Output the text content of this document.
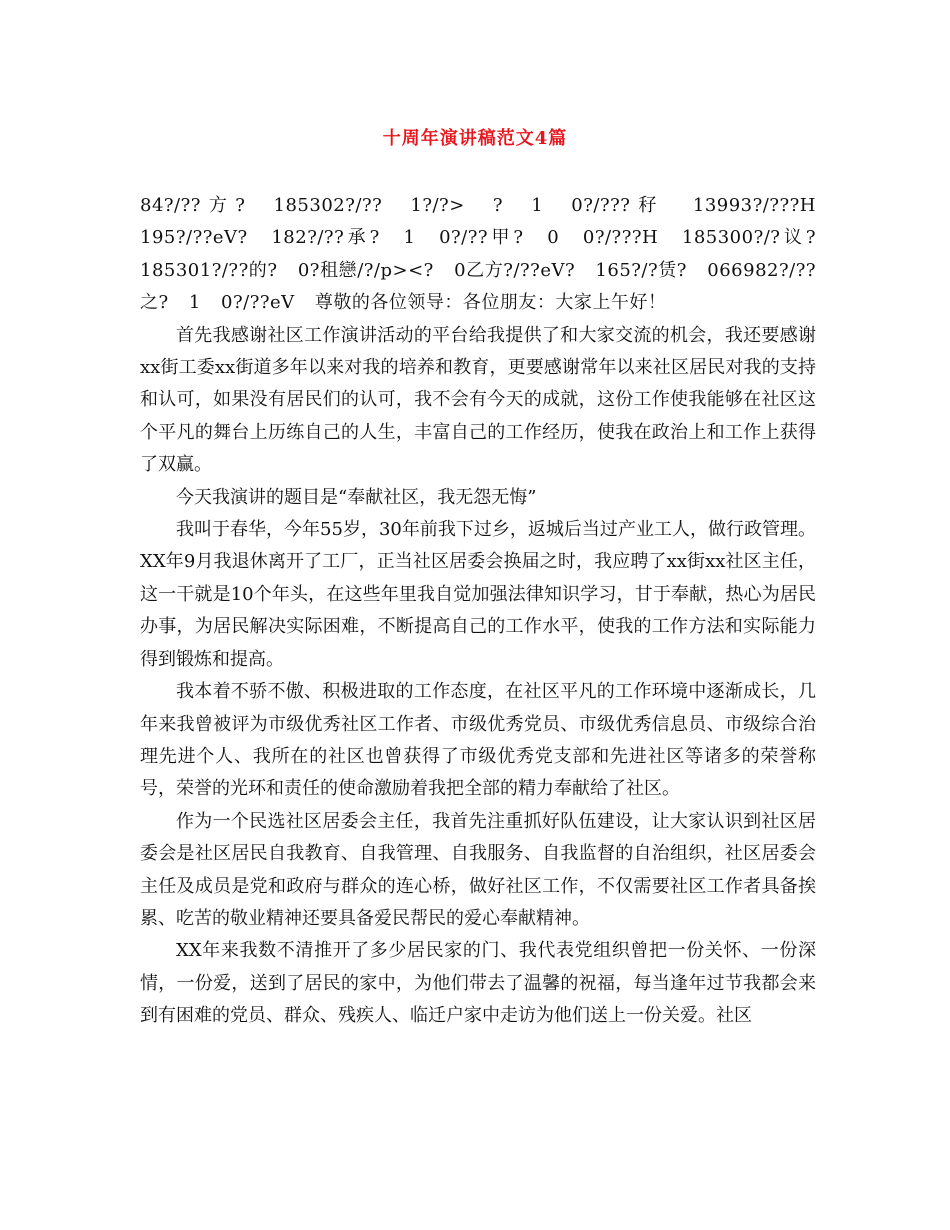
十周年演讲稿范文4篇

84?/??方? 185302?/?? 1?/?> ? 1 0?/???秄 13993?/???H 195?/??eV? 182?/??承? 1 0?/??甲? 0 0?/???H 185300?/?议? 185301?/??的? 0?租戀/?/p><? 0乙方?/??eV? 165?/?赁? 066982?/??之? 1 0?/??eV 尊敬的各位领导：各位朋友：大家上午好！

首先我感谢社区工作演讲活动的平台给我提供了和大家交流的机会，我还要感谢xx街工委xx街道多年以来对我的培养和教育，更要感谢常年以来社区居民对我的支持和认可，如果没有居民们的认可，我不会有今天的成就，这份工作使我能够在社区这个平凡的舞台上历练自己的人生，丰富自己的工作经历，使我在政治上和工作上获得了双赢。

今天我演讲的题目是“奉献社区，我无怨无悔”

我叫于春华，今年55岁，30年前我下过乡，返城后当过产业工人，做行政管理。XX年9月我退休离开了工厂，正当社区居委会换届之时，我应聘了xx街xx社区主任，这一干就是10个年头，在这些年里我自觉加强法律知识学习，甘于奉献，热心为居民办事，为居民解决实际困难，不断提高自己的工作水平，使我的工作方法和实际能力得到锻炼和提高。

我本着不骄不傲、积极进取的工作态度，在社区平凡的工作环境中逐渐成长，几年来我曾被评为市级优秀社区工作者、市级优秀党员、市级优秀信息员、市级综合治理先进个人、我所在的社区也曾获得了市级优秀党支部和先进社区等诸多的荣誉称号，荣誉的光环和责任的使命激励着我把全部的精力奉献给了社区。

作为一个民选社区居委会主任，我首先注重抓好队伍建设，让大家认识到社区居委会是社区居民自我教育、自我管理、自我服务、自我监督的自治组织，社区居委会主任及成员是党和政府与群众的连心桥，做好社区工作，不仅需要社区工作者具备挨累、吃苦的敬业精神还要具备爱民帮民的爱心奉献精神。

XX年来我数不清推开了多少居民家的门、我代表党组织曾把一份关怀、一份深情，一份爱，送到了居民的家中，为他们带去了温馨的祝福，每当逢年过节我都会来到有困难的党员、群众、残疾人、临迁户家中走访为他们送上一份关爱。社区
